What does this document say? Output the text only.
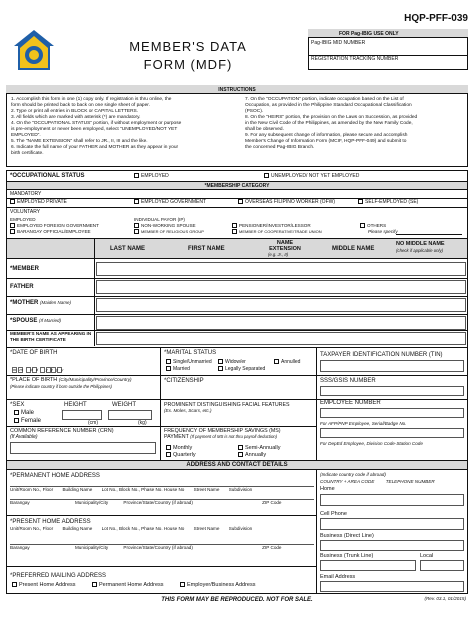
MEMBER'S DATA
FORM (MDF)
HQP-PFF-039
FOR Pag-IBIG USE ONLY
Pag-IBIG MID NUMBER
REGISTRATION TRACKING NUMBER
INSTRUCTIONS
1. Accomplish this form in one (1) copy only. If registration is thru online, the
form should be printed back to back on one single sheet of paper.
2. Type or print all entries in BLOCK or CAPITAL LETTERS.
3. All fields which are marked with asterisk (*) are mandatory.
4. On the "OCCUPATIONAL STATUS" portion, if without employment or purpose
is pre-employment or never been employed, select "UNEMPLOYED/NOT YET
EMPLOYED".
5. The "NAME EXTENSION" shall refer to JR., II, III and the like.
6. Indicate the full name of your FATHER and MOTHER as they appear in your
birth certificate.
7. On the "OCCUPATION" portion, indicate occupation based on the List of
Occupation, as provided in the Philippine Standard Occupational Classification
(PSOC).
8. On the "HEIRS" portion, the provision on the Laws on Succession, as provided
in the New Civil Code of the Philippines, as amended by the New Family Code,
shall be observed.
9. For any subsequent change of information, please secure and accomplish
Member's Change of Information Form (MCIF, HQP-PFF-049) and submit to
the concerned Pag-IBIG Branch.
*OCCUPATIONAL STATUS	EMPLOYED	UNEMPLOYED/ NOT YET EMPLOYED
*MEMBERSHIP CATEGORY
MANDATORY
EMPLOYED PRIVATE	EMPLOYED GOVERNMENT	OVERSEAS FILIPINO WORKER (OFW)	SELF-EMPLOYED (SE)
VOLUNTARY
EMPLOYED
EMPLOYED FOREIGN GOVERNMENT
BARANGAY OFFICIAL/EMPLOYEE
INDIVIDUAL PAYOR (IP)
NON-WORKING SPOUSE
MEMBER OF RELIGIOUS GROUP
PENSIONER/INVESTOR/LESSOR
MEMBER OF COOPERATIVE/TRADE UNION
OTHERS
Please specify
LAST NAME	FIRST NAME
NAME EXTENSION
(e.g. Jr., II)
MIDDLE NAME
NO MIDDLE NAME
(check if applicable only)
*MEMBER
FATHER
*MOTHER (Maiden Name)
*SPOUSE (If Married)
MEMBER'S NAME AS APPEARING IN THE BIRTH CERTIFICATE
*DATE OF BIRTH
mm dd yyyy
*MARITAL STATUS
Single/Unmarried	Widow/er	Annulled
Married	Legally Separated
TAXPAYER IDENTIFICATION NUMBER (TIN)
*PLACE OF BIRTH (City/Municipality/Province/Country)
(Please indicate country if born outside the Philippines)
*CITIZENSHIP	SSS/GSIS NUMBER
*SEX
Male
Female
HEIGHT
(cm)
WEIGHT
(kg)
PROMINENT DISTINGUISHING FACIAL FEATURES
(Ex. Moles, Scars, etc.)
EMPLOYEE NUMBER
For AFP/PNP Employee, Serial/Badge No.
COMMON REFERENCE NUMBER (CRN)
(If Available)
FREQUENCY OF MEMBERSHIP SAVINGS (MS)
PAYMENT (If payment of MS is not thru payroll deduction)
Monthly	Semi-Annually
Quarterly	Annually
For DepEd Employee, Division Code-Station Code
ADDRESS AND CONTACT DETAILS
*PERMANENT HOME ADDRESS
Unit/Room No., Floor Building Name Lot No., Block No., Phase No. House No Street Name Subdivision
Barangay	Municipality/City	Province/State/Country (if abroad)	ZIP Code
*PRESENT HOME ADDRESS
Unit/Room No., Floor Building Name Lot No., Block No., Phase No. House No Street Name Subdivision
Barangay	Municipality/City	Province/State/Country (if abroad)	ZIP Code
*PREFERRED MAILING ADDRESS
Present Home Address	Permanent Home Address	Employer/Business Address
(Indicate country code if abroad)
COUNTRY + AREA CODE TELEPHONE NUMBER
Home
Cell Phone
Business (Direct Line)
Business (Trunk Line)	Local
Email Address
THIS FORM MAY BE REPRODUCED. NOT FOR SALE.	(Rev. 03.1, 01/2015)
